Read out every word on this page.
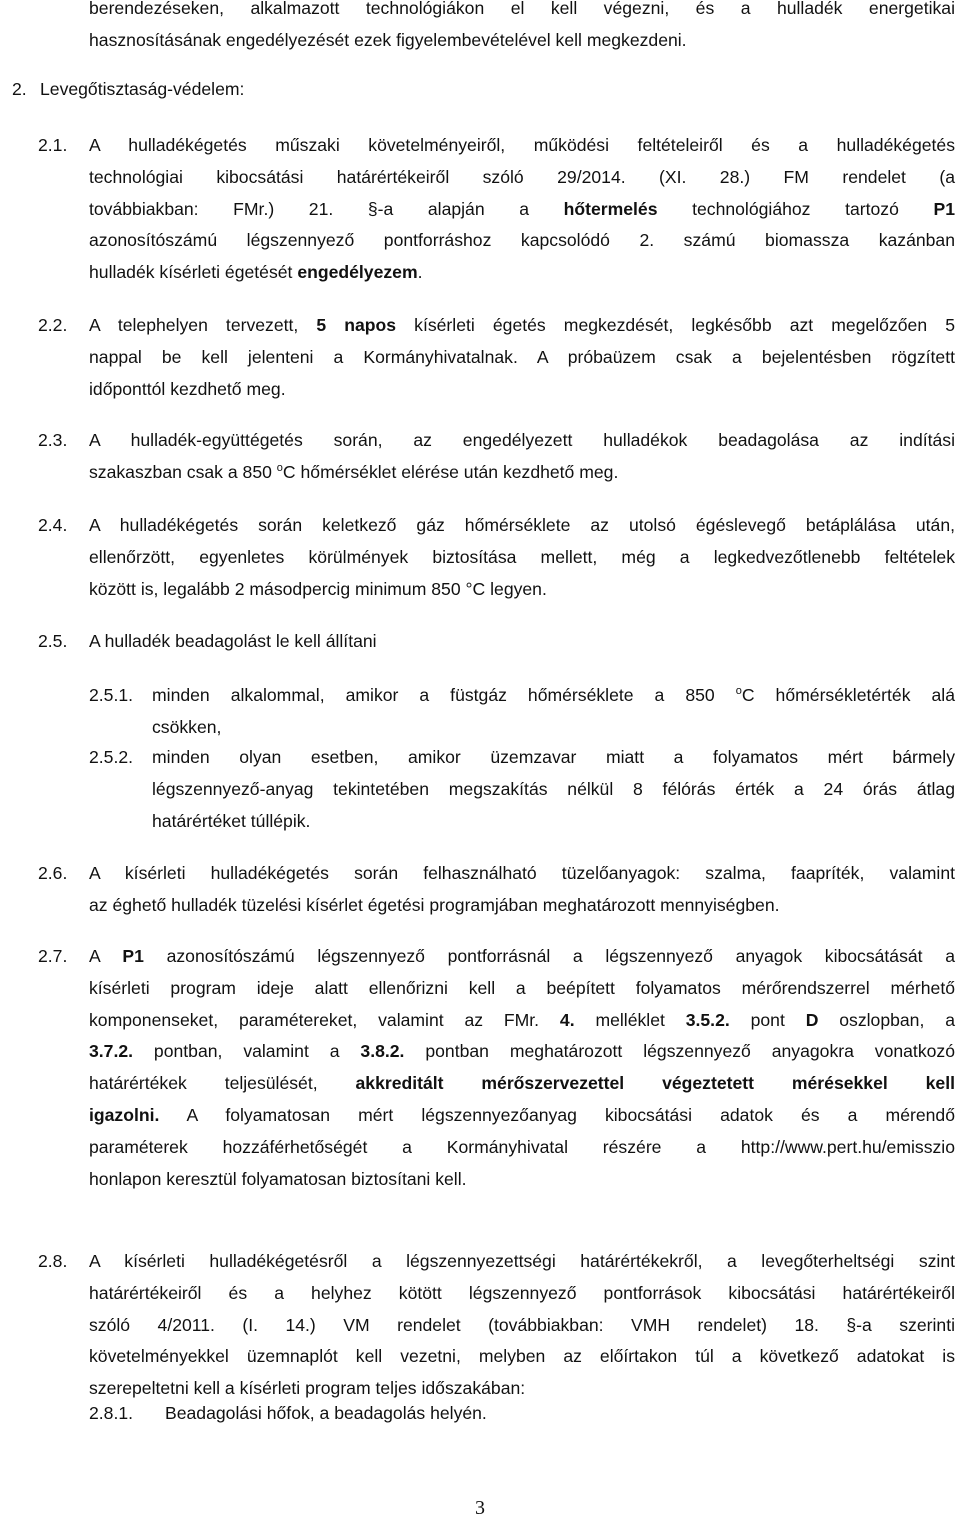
berendezéseken, alkalmazott technológiákon el kell végezni, és a hulladék energetikai
hasznosításának engedélyezését ezek figyelembevételével kell megkezdeni.
2. Levegőtisztaság-védelem:
2.1. A hulladékégetés műszaki követelményeiről, működési feltételeiről és a hulladékégetés
technológiai kibocsátási határértékeiről szóló 29/2014. (XI. 28.) FM rendelet (a
továbbiakban: FMr.) 21. §-a alapján a hőtermelés technológiához tartozó P1
azonosítószámú légszennyező pontforráshoz kapcsolódó 2. számú biomassza kazánban
hulladék kísérleti égetését engedélyezem.
2.2. A telephelyen tervezett, 5 napos kísérleti égetés megkezdését, legkésőbb azt megelőzően 5
nappal be kell jelenteni a Kormányhivatalnak. A próbaüzem csak a bejelentésben rögzített
időponttól kezdhető meg.
2.3. A hulladék-együttégetés során, az engedélyezett hulladékok beadagolása az indítási
szakaszban csak a 850 $^o$C hőmérséklet elérése után kezdhető meg.
2.4. A hulladékégetés során keletkező gáz hőmérséklete az utolsó égéslevegő betáplálása után,
ellenőrzött, egyenletes körülmények biztosítása mellett, még a legkedvezőtlenebb feltételek
között is, legalább 2 másodpercig minimum 850 °C legyen.
2.5. A hulladék beadagolást le kell állítani
2.5.1. minden alkalommal, amikor a füstgáz hőmérséklete a 850 $^o$C hőmérsékletérték alá
csökken,
2.5.2. minden olyan esetben, amikor üzemzavar miatt a folyamatos mért bármely
légszennyező-anyag tekintetében megszakítás nélkül 8 félórás érték a 24 órás átlag
határértéket túllépik.
2.6. A kísérleti hulladékégetés során felhasználható tüzelőanyagok: szalma, faapríték, valamint
az éghető hulladék tüzelési kísérlet égetési programjában meghatározott mennyiségben.
2.7. A P1 azonosítószámú légszennyező pontforrásnál a légszennyező anyagok kibocsátását a
kísérleti program ideje alatt ellenőrizni kell a beépített folyamatos mérőrendszerrel mérhető
komponenseket, paramétereket, valamint az FMr. 4. melléklet 3.5.2. pont D oszlopban, a
3.7.2. pontban, valamint a 3.8.2. pontban meghatározott légszennyező anyagokra vonatkozó
határértékek teljesülését, akkreditált mérőszervezettel végeztetett mérésekkel kell
igazolni. A folyamatosan mért légszennyezőanyag kibocsátási adatok és a mérendő
paraméterek hozzáférhetőségét a Kormányhivatal részére a http://www.pert.hu/emisszio
honlapon keresztül folyamatosan biztosítani kell.
2.8. A kísérleti hulladékégetésről a légszennyezettségi határértékekről, a levegőterheltségi szint
határértékeiről és a helyhez kötött légszennyező pontforrások kibocsátási határértékeiről
szóló 4/2011. (I. 14.) VM rendelet (továbbiakban: VMH rendelet) 18. §-a szerinti
követelményekkel üzemnaplót kell vezetni, melyben az előírtakon túl a következő adatokat is
szerepeltetni kell a kísérleti program teljes időszakában:
2.8.1. Beadagolási hőfok, a beadagolás helyén.
3
